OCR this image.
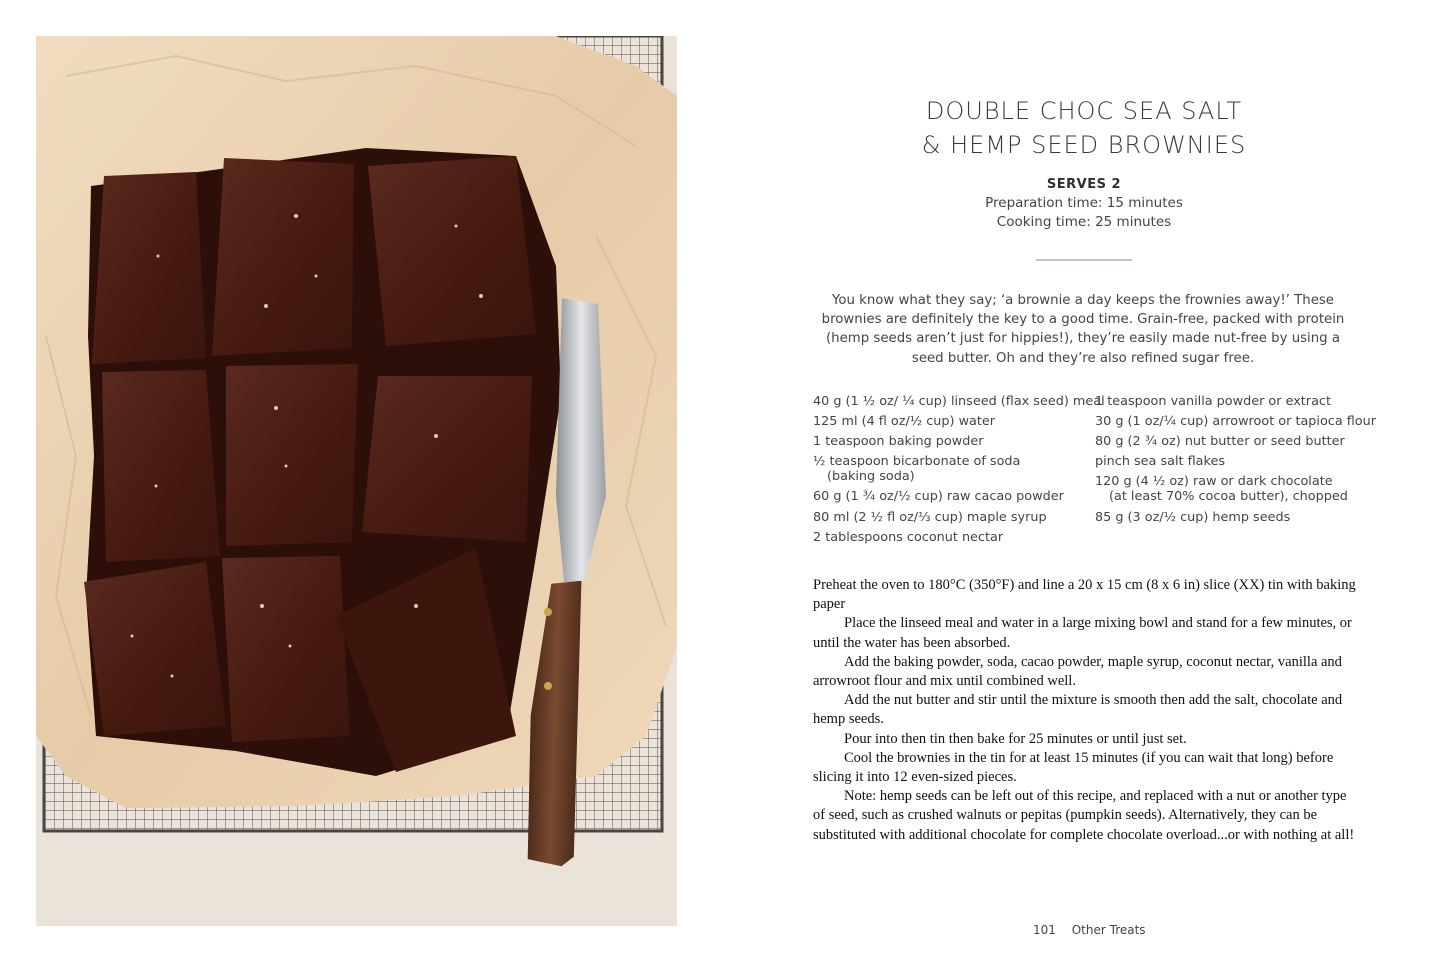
DOUBLE CHOC SEA SALT
& HEMP SEED BROWNIES
SERVES 2
Preparation time: 15 minutes
Cooking time: 25 minutes
You know what they say; ‘a brownie a day keeps the frownies away!’ These brownies are definitely the key to a good time. Grain-free, packed with protein (hemp seeds aren’t just for hippies!), they’re easily made nut-free by using a seed butter. Oh and they’re also refined sugar free.
40 g (1 ½ oz/ ¼ cup) linseed (flax seed) meal
125 ml (4 fl oz/½ cup) water
1 teaspoon baking powder
½ teaspoon bicarbonate of soda
(baking soda)
60 g (1 ¾ oz/½ cup) raw cacao powder
80 ml (2 ½ fl oz/⅓ cup) maple syrup
2 tablespoons coconut nectar
1 teaspoon vanilla powder or extract
30 g (1 oz/¼ cup) arrowroot or tapioca flour
80 g (2 ¾ oz) nut butter or seed butter
pinch sea salt flakes
120 g (4 ½ oz) raw or dark chocolate
(at least 70% cocoa butter), chopped
85 g (3 oz/½ cup) hemp seeds

Preheat the oven to 180°C (350°F) and line a 20 x 15 cm (8 x 6 in) slice (XX) tin with baking paper

Place the linseed meal and water in a large mixing bowl and stand for a few minutes, or until the water has been absorbed.

Add the baking powder, soda, cacao powder, maple syrup, coconut nectar, vanilla and arrowroot flour and mix until combined well.

Add the nut butter and stir until the mixture is smooth then add the salt, chocolate and hemp seeds.

Pour into then tin then bake for 25 minutes or until just set.

Cool the brownies in the tin for at least 15 minutes (if you can wait that long) before slicing it into 12 even-sized pieces.

Note: hemp seeds can be left out of this recipe, and replaced with a nut or another type of seed, such as crushed walnuts or pepitas (pumpkin seeds). Alternatively, they can be substituted with additional chocolate for complete chocolate overload...or with nothing at all!

101 Other Treats
